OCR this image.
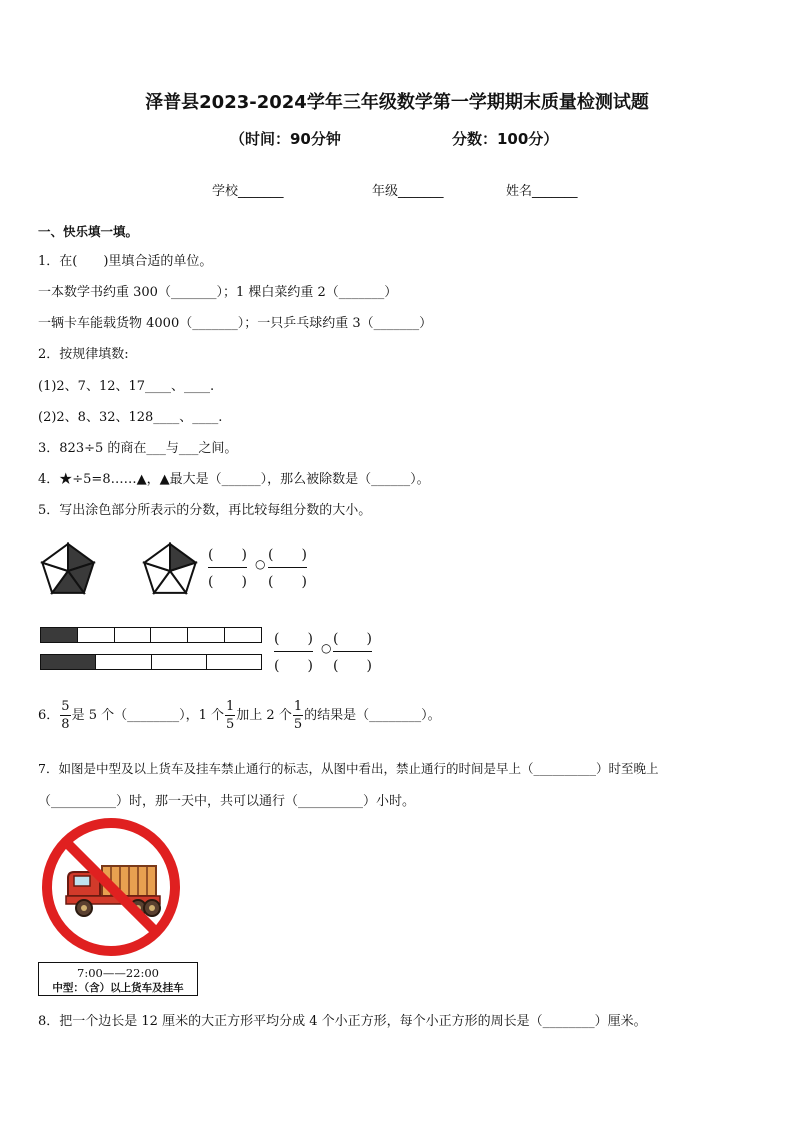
泽普县2023-2024学年三年级数学第一学期期末质量检测试题
（时间：90分钟	分数：100分）
学校_______	年级_______	姓名_______
一、快乐填一填。
1．在(　　)里填合适的单位。
一本数学书约重 300（_______）；1 棵白菜约重 2（_______）
一辆卡车能载货物 4000（_______）；一只乒乓球约重 3（_______）
2．按规律填数:
(1)2、7、12、17____、____.
(2)2、8、32、128____、____.
3．823÷5 的商在___与___之间。
4．★÷5=8……▲，▲最大是（______），那么被除数是（______）。
5．写出涂色部分所表示的分数，再比较每组分数的大小。
(　　)
(　　)
○
(　　)
(　　)
(　　)
(　　)
○
(　　)
(　　)
6． $\frac{5}{8}$ 是 5 个（________），1 个 $\frac{1}{5}$ 加上 2 个 $\frac{1}{5}$ 的结果是（________）。
7．如图是中型及以上货车及挂车禁止通行的标志，从图中看出，禁止通行的时间是早上（__________）时至晚上
（__________）时，那一天中，共可以通行（__________）小时。
7:00——22:00
中型：（含）以上货车及挂车
8．把一个边长是 12 厘米的大正方形平均分成 4 个小正方形，每个小正方形的周长是（________）厘米。
